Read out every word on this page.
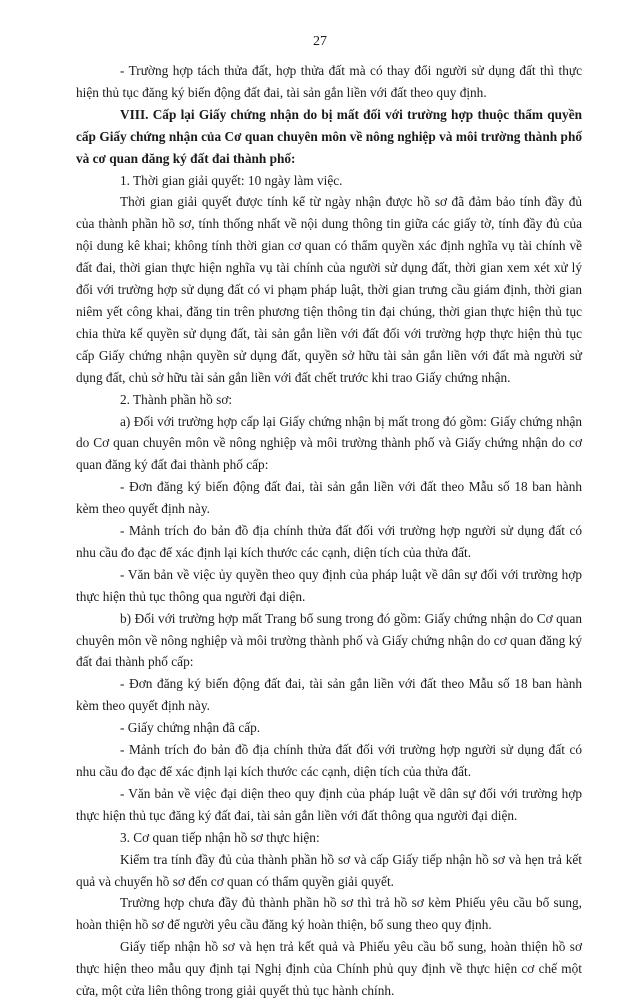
27

- Trường hợp tách thửa đất, hợp thửa đất mà có thay đổi người sử dụng đất thì thực hiện thủ tục đăng ký biến động đất đai, tài sản gắn liền với đất theo quy định.

VIII. Cấp lại Giấy chứng nhận do bị mất đối với trường hợp thuộc thẩm quyền cấp Giấy chứng nhận của Cơ quan chuyên môn về nông nghiệp và môi trường thành phố và cơ quan đăng ký đất đai thành phố:

1. Thời gian giải quyết: 10 ngày làm việc.

Thời gian giải quyết được tính kể từ ngày nhận được hồ sơ đã đảm bảo tính đầy đủ của thành phần hồ sơ, tính thống nhất về nội dung thông tin giữa các giấy tờ, tính đầy đủ của nội dung kê khai; không tính thời gian cơ quan có thẩm quyền xác định nghĩa vụ tài chính về đất đai, thời gian thực hiện nghĩa vụ tài chính của người sử dụng đất, thời gian xem xét xử lý đối với trường hợp sử dụng đất có vi phạm pháp luật, thời gian trưng cầu giám định, thời gian niêm yết công khai, đăng tin trên phương tiện thông tin đại chúng, thời gian thực hiện thủ tục chia thừa kế quyền sử dụng đất, tài sản gắn liền với đất đối với trường hợp thực hiện thủ tục cấp Giấy chứng nhận quyền sử dụng đất, quyền sở hữu tài sản gắn liền với đất mà người sử dụng đất, chủ sở hữu tài sản gắn liền với đất chết trước khi trao Giấy chứng nhận.

2. Thành phần hồ sơ:

a) Đối với trường hợp cấp lại Giấy chứng nhận bị mất trong đó gồm: Giấy chứng nhận do Cơ quan chuyên môn về nông nghiệp và môi trường thành phố và Giấy chứng nhận do cơ quan đăng ký đất đai thành phố cấp:

- Đơn đăng ký biến động đất đai, tài sản gắn liền với đất theo Mẫu số 18 ban hành kèm theo quyết định này.

- Mảnh trích đo bản đồ địa chính thửa đất đối với trường hợp người sử dụng đất có nhu cầu đo đạc để xác định lại kích thước các cạnh, diện tích của thửa đất.

- Văn bản về việc ủy quyền theo quy định của pháp luật về dân sự đối với trường hợp thực hiện thủ tục thông qua người đại diện.

b) Đối với trường hợp mất Trang bổ sung trong đó gồm: Giấy chứng nhận do Cơ quan chuyên môn về nông nghiệp và môi trường thành phố và Giấy chứng nhận do cơ quan đăng ký đất đai thành phố cấp:

- Đơn đăng ký biến động đất đai, tài sản gắn liền với đất theo Mẫu số 18 ban hành kèm theo quyết định này.

- Giấy chứng nhận đã cấp.

- Mảnh trích đo bản đồ địa chính thửa đất đối với trường hợp người sử dụng đất có nhu cầu đo đạc để xác định lại kích thước các cạnh, diện tích của thửa đất.

- Văn bản về việc đại diện theo quy định của pháp luật về dân sự đối với trường hợp thực hiện thủ tục đăng ký đất đai, tài sản gắn liền với đất thông qua người đại diện.

3. Cơ quan tiếp nhận hồ sơ thực hiện:

Kiểm tra tính đầy đủ của thành phần hồ sơ và cấp Giấy tiếp nhận hồ sơ và hẹn trả kết quả và chuyển hồ sơ đến cơ quan có thẩm quyền giải quyết.

Trường hợp chưa đầy đủ thành phần hồ sơ thì trả hồ sơ kèm Phiếu yêu cầu bổ sung, hoàn thiện hồ sơ để người yêu cầu đăng ký hoàn thiện, bổ sung theo quy định.

Giấy tiếp nhận hồ sơ và hẹn trả kết quả và Phiếu yêu cầu bổ sung, hoàn thiện hồ sơ thực hiện theo mẫu quy định tại Nghị định của Chính phủ quy định về thực hiện cơ chế một cửa, một cửa liên thông trong giải quyết thủ tục hành chính.
